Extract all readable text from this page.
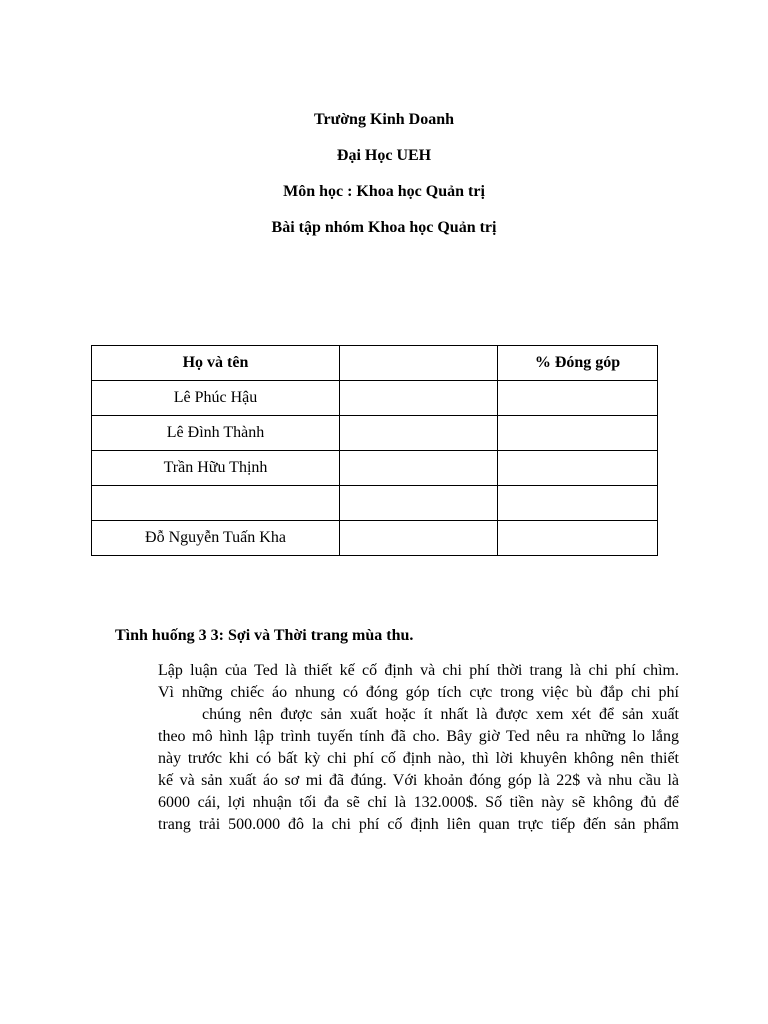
Trường Kinh Doanh

Đại Học UEH

Môn học : Khoa học Quản trị

Bài tập nhóm Khoa học Quản trị

Họ và tên		% Đóng góp
Lê Phúc Hậu		
Lê Đình Thành		
Trần Hữu Thịnh		

Đỗ Nguyễn Tuấn Kha		

Tình huống 3 3: Sợi và Thời trang mùa thu.

Lập luận của Ted là thiết kế cố định và chi phí thời trang là chi phí chìm.
Vì những chiếc áo nhung có đóng góp tích cực trong việc bù đắp chi phí
chúng nên được sản xuất hoặc ít nhất là được xem xét để sản xuất
theo mô hình lập trình tuyến tính đã cho. Bây giờ Ted nêu ra những lo lắng
này trước khi có bất kỳ chi phí cố định nào, thì lời khuyên không nên thiết
kế và sản xuất áo sơ mi đã đúng. Với khoản đóng góp là 22$ và nhu cầu là
6000 cái, lợi nhuận tối đa sẽ chỉ là 132.000$. Số tiền này sẽ không đủ để
trang trải 500.000 đô la chi phí cố định liên quan trực tiếp đến sản phẩm
